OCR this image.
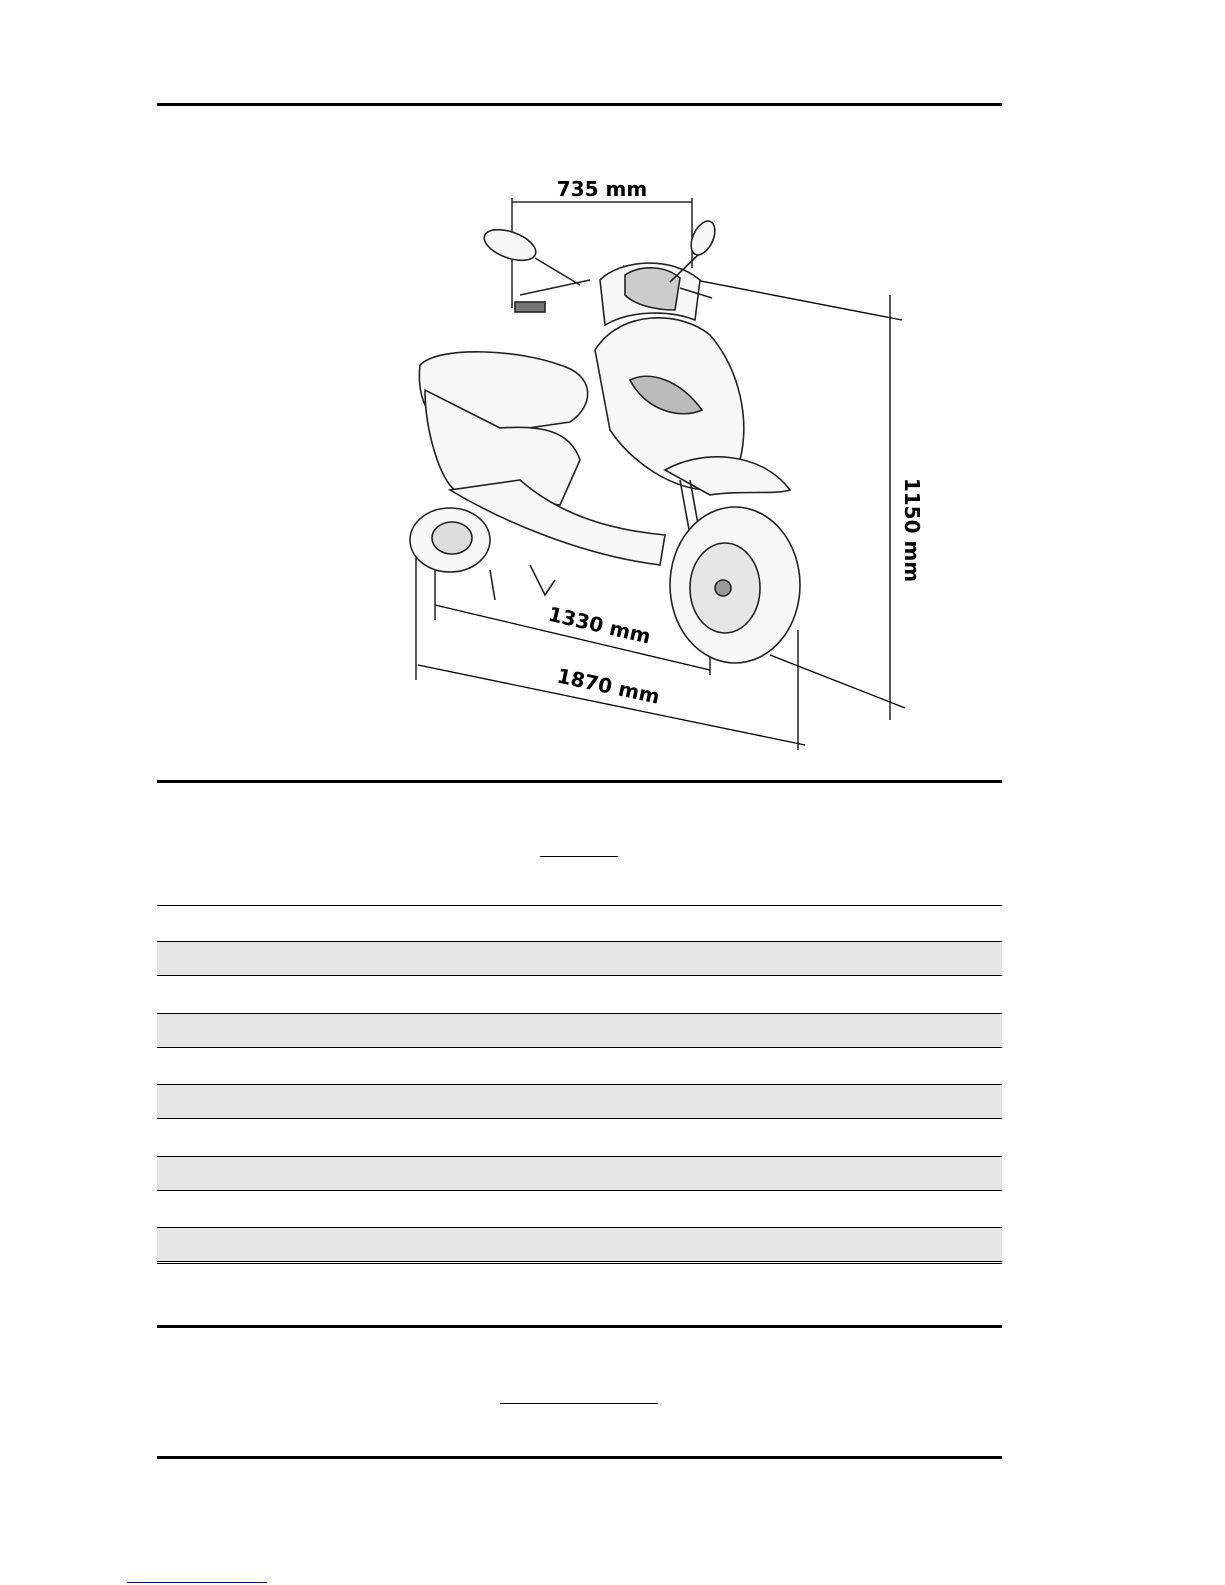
735 mm
1150 mm
1330 mm
1870 mm
